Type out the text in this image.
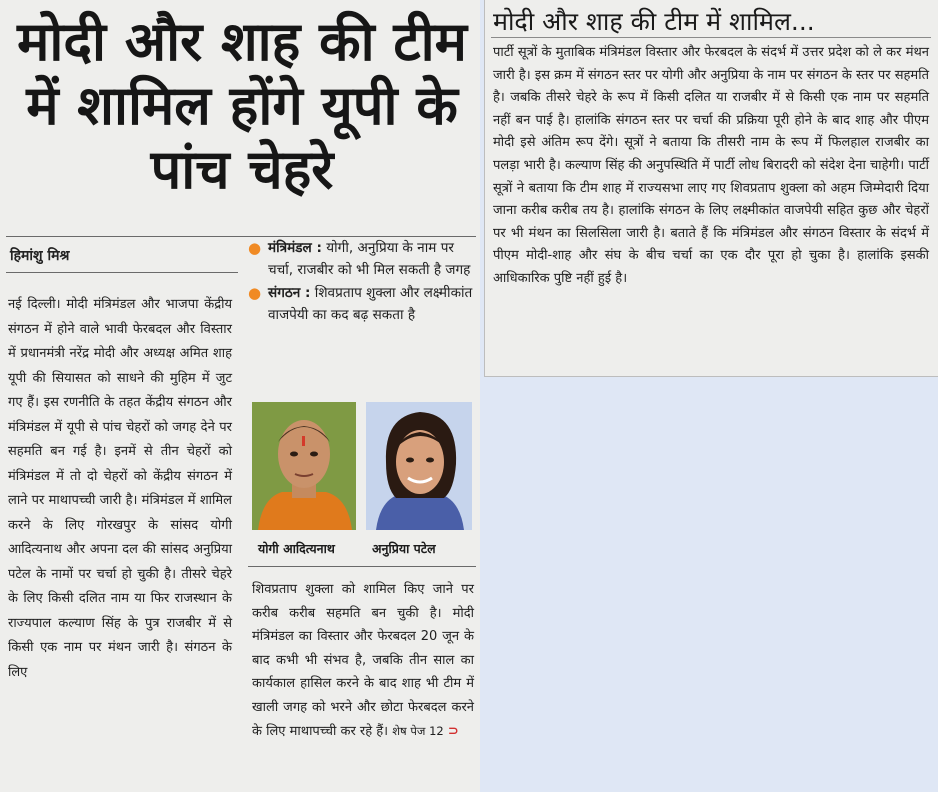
मोदी और शाह की टीम में शामिल होंगे यूपी के पांच चेहरे
हिमांशु मिश्र

नई दिल्ली। मोदी मंत्रिमंडल और भाजपा केंद्रीय संगठन में होने वाले भावी फेरबदल और विस्तार में प्रधानमंत्री नरेंद्र मोदी और अध्यक्ष अमित शाह यूपी की सियासत को साधने की मुहिम में जुट गए हैं। इस रणनीति के तहत केंद्रीय संगठन और मंत्रिमंडल में यूपी से पांच चेहरों को जगह देने पर सहमति बन गई है। इनमें से तीन चेहरों को मंत्रिमंडल में तो दो चेहरों को केंद्रीय संगठन में लाने पर माथापच्ची जारी है। मंत्रिमंडल में शामिल करने के लिए गोरखपुर के सांसद योगी आदित्यनाथ और अपना दल की सांसद अनुप्रिया पटेल के नामों पर चर्चा हो चुकी है। तीसरे चेहरे के लिए किसी दलित नाम या फिर राजस्थान के राज्यपाल कल्याण सिंह के पुत्र राजबीर में से किसी एक नाम पर मंथन जारी है। संगठन के लिए

● मंत्रिमंडल : योगी, अनुप्रिया के नाम पर चर्चा, राजबीर को भी मिल सकती है जगह
● संगठन : शिवप्रताप शुक्ला और लक्ष्मीकांत वाजपेयी का कद बढ़ सकता है
योगी आदित्यनाथ	अनुप्रिया पटेल
शिवप्रताप शुक्ला को शामिल किए जाने पर करीब करीब सहमति बन चुकी है। मोदी मंत्रिमंडल का विस्तार और फेरबदल 20 जून के बाद कभी भी संभव है, जबकि तीन साल का कार्यकाल हासिल करने के बाद शाह भी टीम में खाली जगह को भरने और छोटा फेरबदल करने के लिए माथापच्ची कर रहे हैं। शेष पेज 12 ⊃
मोदी और शाह की टीम में शामिल...

पार्टी सूत्रों के मुताबिक मंत्रिमंडल विस्तार और फेरबदल के संदर्भ में उत्तर प्रदेश को ले कर मंथन जारी है। इस क्रम में संगठन स्तर पर योगी और अनुप्रिया के नाम पर संगठन के स्तर पर सहमति है। जबकि तीसरे चेहरे के रूप में किसी दलित या राजबीर में से किसी एक नाम पर सहमति नहीं बन पाई है। हालांकि संगठन स्तर पर चर्चा की प्रक्रिया पूरी होने के बाद शाह और पीएम मोदी इसे अंतिम रूप देंगे। सूत्रों ने बताया कि तीसरी नाम के रूप में फिलहाल राजबीर का पलड़ा भारी है। कल्याण सिंह की अनुपस्थिति में पार्टी लोध बिरादरी को संदेश देना चाहेगी। पार्टी सूत्रों ने बताया कि टीम शाह में राज्यसभा लाए गए शिवप्रताप शुक्ला को अहम जिम्मेदारी दिया जाना करीब करीब तय है। हालांकि संगठन के लिए लक्ष्मीकांत वाजपेयी सहित कुछ और चेहरों पर भी मंथन का सिलसिला जारी है। बताते हैं कि मंत्रिमंडल और संगठन विस्तार के संदर्भ में पीएम मोदी-शाह और संघ के बीच चर्चा का एक दौर पूरा हो चुका है। हालांकि इसकी आधिकारिक पुष्टि नहीं हुई है।
